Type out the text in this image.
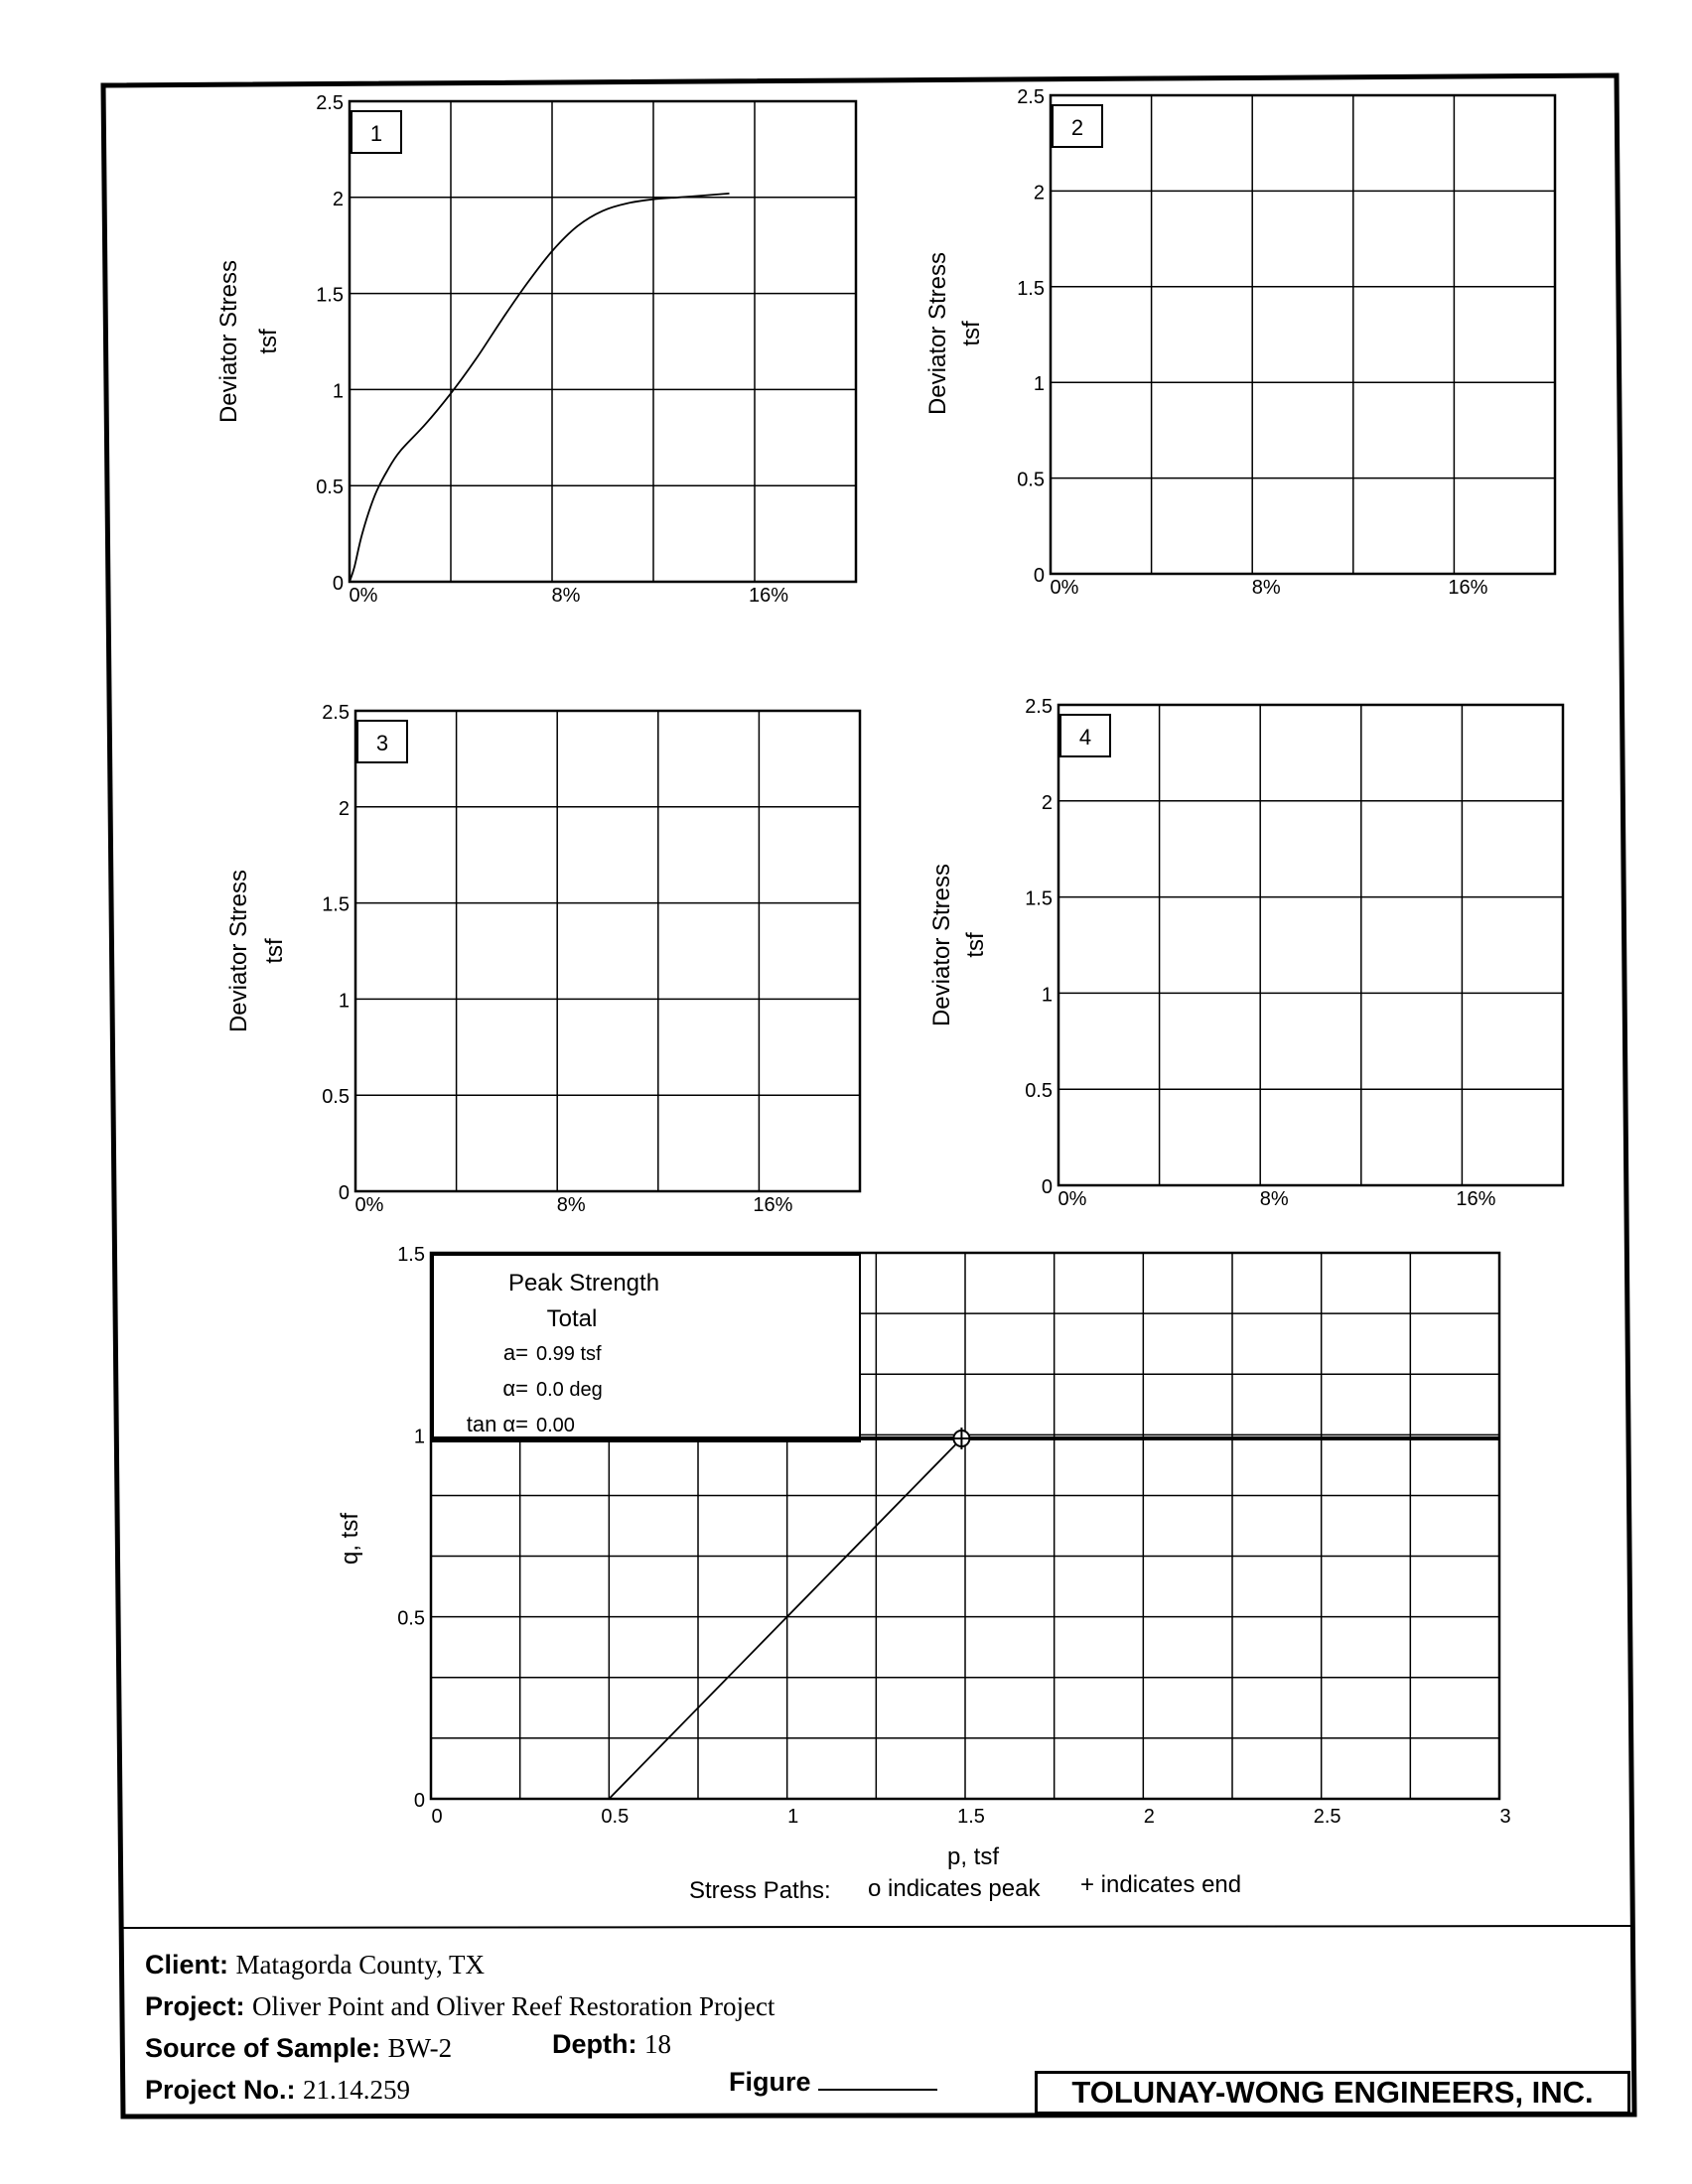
0
0.5
1
1.5
2
2.5
0%	8%	16%
1
Deviator Stress tsf
0
0.5
1
1.5
2
2.5
0%	8%	16%
2
Deviator Stress tsf
0
0.5
1
1.5
2
2.5
0%	8%	16%
3
Deviator Stress tsf
0
0.5
1
1.5
2
2.5
0%	8%	16%
4
Deviator Stress tsf
Peak Strength
Total
a= 0.99 tsf
α= 0.0 deg
tan α= 0.00
0
0.5
1
1.5
0	0.5	1	1.5	2	2.5	3
p, tsf
q, tsf
Stress Paths: o indicates peak + indicates end
Client: Matagorda County, TX
Project: Oliver Point and Oliver Reef Restoration Project
Source of Sample: BW-2	Depth: 18
Project No.: 21.14.259	Figure	TOLUNAY-WONG ENGINEERS, INC.
